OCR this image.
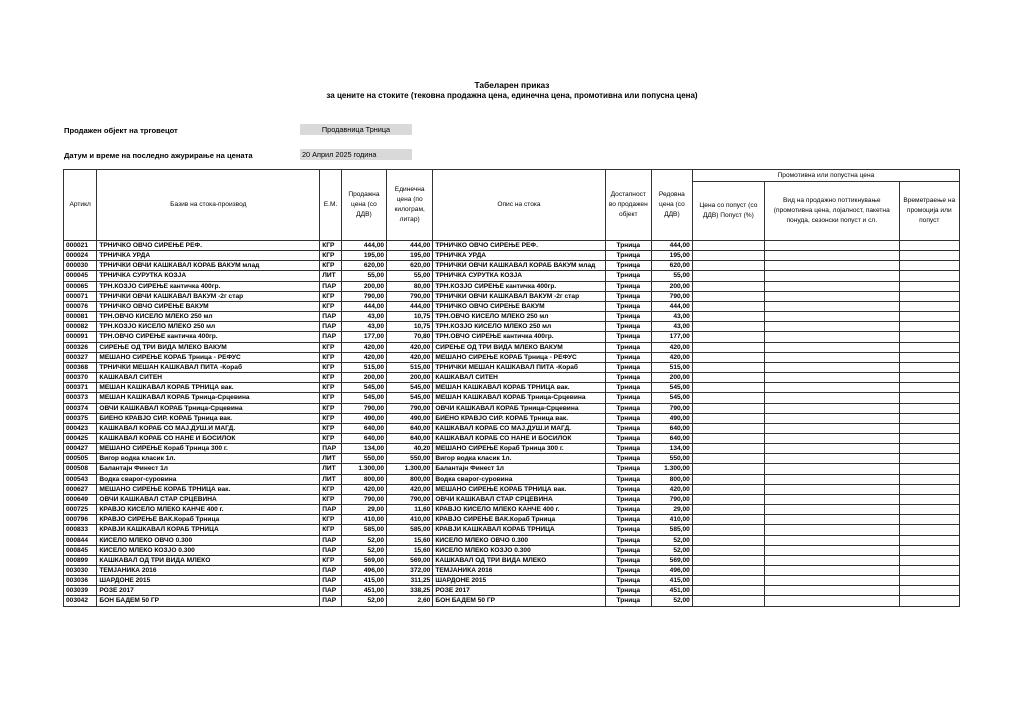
Табеларен приказ
за цените на стоките (тековна продажна цена, единечна цена, промотивна или попусна цена)
Продажен објект на трговецот	Продавница Трница
Датум и време на последно ажурирање на цената	20 Април 2025 година
Артикл	Базив на стока-производ	Е.М.	Продажна цена (со ДДВ)	Единечна цена (по килограм, литар)	Опис на стока	Достапност во продажен објект	Редовна цена (со ДДВ)	Промотивна или попустна цена		
								Цена со попуст (со ДДВ) Попуст (%)	Вид на продажно поттикнување (промотивна цена, лојалност, пакетна понуда, сезонски попуст и сл.	Времетраење на промоција или попуст
000021	ТРНИЧКО ОВЧО СИРЕЊЕ РЕФ.	КГР	444,00	444,00	ТРНИЧКО ОВЧО СИРЕЊЕ РЕФ.	Трница	444,00			
000024	ТРНИЧКА УРДА	КГР	195,00	195,00	ТРНИЧКА УРДА	Трница	195,00			
000030	ТРНИЧКИ ОВЧИ КАШКАВАЛ КОРАБ ВАКУМ млад	КГР	620,00	620,00	ТРНИЧКИ ОВЧИ КАШКАВАЛ КОРАБ ВАКУМ млад	Трница	620,00			
000045	ТРНИЧКА СУРУТКА КОЗЈА	ЛИТ	55,00	55,00	ТРНИЧКА СУРУТКА КОЗЈА	Трница	55,00			
000065	ТРН.КОЗЈО СИРЕЊЕ кантичка 400гр.	ПАР	200,00	80,00	ТРН.КОЗЈО СИРЕЊЕ кантичка 400гр.	Трница	200,00			
000071	ТРНИЧКИ ОВЧИ КАШКАВАЛ ВАКУМ -2г стар	КГР	790,00	790,00	ТРНИЧКИ ОВЧИ КАШКАВАЛ ВАКУМ -2г стар	Трница	790,00			
000076	ТРНИЧКО ОВЧО СИРЕЊЕ ВАКУМ	КГР	444,00	444,00	ТРНИЧКО ОВЧО СИРЕЊЕ ВАКУМ	Трница	444,00			
000081	ТРН.ОВЧО КИСЕЛО МЛЕКО 250 мл	ПАР	43,00	10,75	ТРН.ОВЧО КИСЕЛО МЛЕКО 250 мл	Трница	43,00			
000082	ТРН.КОЗЈО КИСЕЛО МЛЕКО 250 мл	ПАР	43,00	10,75	ТРН.КОЗЈО КИСЕЛО МЛЕКО 250 мл	Трница	43,00			
000091	ТРН.ОВЧО СИРЕЊЕ кантичка 400гр.	ПАР	177,00	70,80	ТРН.ОВЧО СИРЕЊЕ кантичка 400гр.	Трница	177,00			
000326	СИРЕЊЕ ОД ТРИ ВИДА МЛЕКО ВАКУМ	КГР	420,00	420,00	СИРЕЊЕ ОД ТРИ ВИДА МЛЕКО ВАКУМ	Трница	420,00			
000327	МЕШАНО СИРЕЊЕ КОРАБ Трница - РЕФУС	КГР	420,00	420,00	МЕШАНО СИРЕЊЕ КОРАБ Трница - РЕФУС	Трница	420,00			
000368	ТРНИЧКИ МЕШАН КАШКАВАЛ ПИТА -Кораб	КГР	515,00	515,00	ТРНИЧКИ МЕШАН КАШКАВАЛ ПИТА -Кораб	Трница	515,00			
000370	КАШКАВАЛ СИТЕН	КГР	200,00	200,00	КАШКАВАЛ СИТЕН	Трница	200,00			
000371	МЕШАН КАШКАВАЛ КОРАБ ТРНИЦА вак.	КГР	545,00	545,00	МЕШАН КАШКАВАЛ КОРАБ ТРНИЦА вак.	Трница	545,00			
000373	МЕШАН КАШКАВАЛ КОРАБ Трница-Срцевина	КГР	545,00	545,00	МЕШАН КАШКАВАЛ КОРАБ Трница-Срцевина	Трница	545,00			
000374	ОВЧИ КАШКАВАЛ КОРАБ Трница-Срцевина	КГР	790,00	790,00	ОВЧИ КАШКАВАЛ КОРАБ Трница-Срцевина	Трница	790,00			
000375	БИЕНО КРАВЈО СИР. КОРАБ Трница вак.	КГР	490,00	490,00	БИЕНО КРАВЈО СИР. КОРАБ Трница вак.	Трница	490,00			
000423	КАШКАВАЛ КОРАБ СО МАЈ.ДУШ.И МАГД.	КГР	640,00	640,00	КАШКАВАЛ КОРАБ СО МАЈ.ДУШ.И МАГД.	Трница	640,00			
000425	КАШКАВАЛ КОРАБ СО НАНЕ И БОСИЛОК	КГР	640,00	640,00	КАШКАВАЛ КОРАБ СО НАНЕ И БОСИЛОК	Трница	640,00			
000427	МЕШАНО СИРЕЊЕ Кораб Трница 300 г.	ПАР	134,00	40,20	МЕШАНО СИРЕЊЕ Кораб Трница 300 г.	Трница	134,00			
000505	Вигор водка класик 1л.	ЛИТ	550,00	550,00	Вигор водка класик 1л.	Трница	550,00			
000508	Балантајн Финест 1л	ЛИТ	1.300,00	1.300,00	Балантајн Финест 1л	Трница	1.300,00			
000543	Водка сварог-суровина	ЛИТ	800,00	800,00	Водка сварог-суровина	Трница	800,00			
000627	МЕШАНО СИРЕЊЕ КОРАБ ТРНИЦА вак.	КГР	420,00	420,00	МЕШАНО СИРЕЊЕ КОРАБ ТРНИЦА вак.	Трница	420,00			
000649	ОВЧИ КАШКАВАЛ СТАР СРЦЕВИНА	КГР	790,00	790,00	ОВЧИ КАШКАВАЛ СТАР СРЦЕВИНА	Трница	790,00			
000725	КРАВЈО КИСЕЛО МЛЕКО КАНЧЕ 400 г.	ПАР	29,00	11,60	КРАВЈО КИСЕЛО МЛЕКО КАНЧЕ 400 г.	Трница	29,00			
000796	КРАВЈО СИРЕЊЕ ВАК.Кораб Трница	КГР	410,00	410,00	КРАВЈО СИРЕЊЕ ВАК.Кораб Трница	Трница	410,00			
000833	КРАВЈИ КАШКАВАЛ КОРАБ ТРНИЦА	КГР	585,00	585,00	КРАВЈИ КАШКАВАЛ КОРАБ ТРНИЦА	Трница	585,00			
000844	КИСЕЛО МЛЕКО ОВЧО 0.300	ПАР	52,00	15,60	КИСЕЛО МЛЕКО ОВЧО 0.300	Трница	52,00			
000845	КИСЕЛО МЛЕКО КОЗЈО 0.300	ПАР	52,00	15,60	КИСЕЛО МЛЕКО КОЗЈО 0.300	Трница	52,00			
000899	КАШКАВАЛ ОД ТРИ ВИДА МЛЕКО	КГР	569,00	569,00	КАШКАВАЛ ОД ТРИ ВИДА МЛЕКО	Трница	569,00			
003030	ТЕМЈАНИКА 2016	ПАР	496,00	372,00	ТЕМЈАНИКА 2016	Трница	496,00			
003036	ШАРДОНЕ 2015	ПАР	415,00	311,25	ШАРДОНЕ 2015	Трница	415,00			
003039	РОЗЕ 2017	ПАР	451,00	338,25	РОЗЕ 2017	Трница	451,00			
003042	БОН БАДЕМ 50 ГР	ПАР	52,00	2,60	БОН БАДЕМ 50 ГР	Трница	52,00			
